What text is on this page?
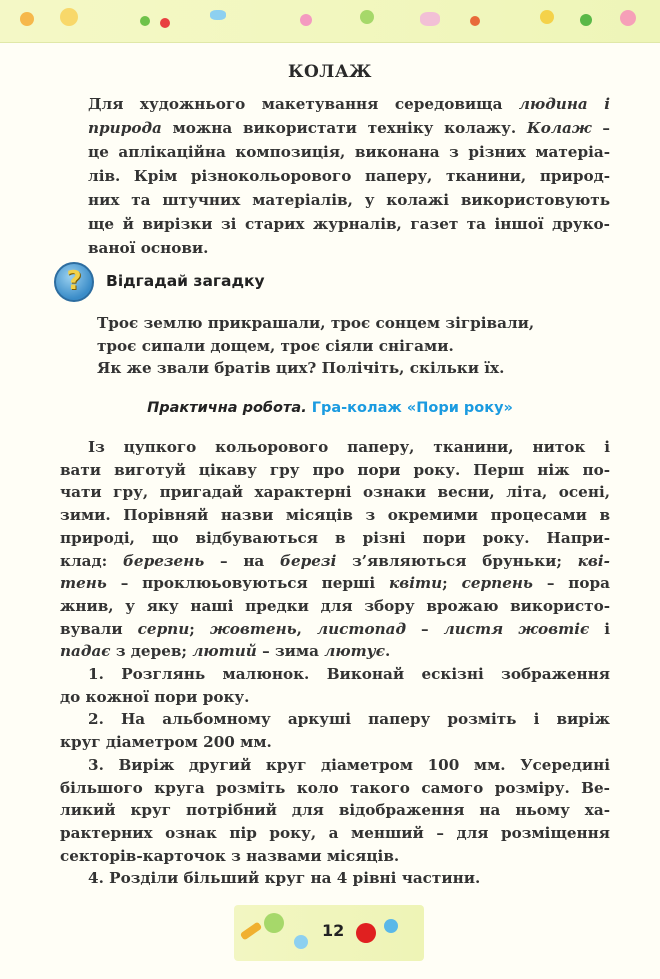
КОЛАЖ
Для художнього макетування середовища людина і
природа можна використати техніку колажу. Колаж –
це аплікаційна композиція, виконана з різних матеріа-
лів. Крім різнокольорового паперу, тканини, природ-
них та штучних матеріалів, у колажі використовують
ще й вирізки зі старих журналів, газет та іншої друко-
ваної основи.
?	Відгадай загадку
Троє землю прикрашали, троє сонцем зігрівали,
троє сипали дощем, троє сіяли снігами.
Як же звали братів цих? Полічіть, скільки їх.
Практична робота. Гра-колаж «Пори року»
Із цупкого кольорового паперу, тканини, ниток і
вати виготуй цікаву гру про пори року. Перш ніж по-
чати гру, пригадай характерні ознаки весни, літа, осені,
зими. Порівняй назви місяців з окремими процесами в
природі, що відбуваються в різні пори року. Напри-
клад: березень – на березі з’являються бруньки; кві-
тень – проклюьовуються перші квіти; серпень – пора
жнив, у яку наші предки для збору врожаю використо-
вували серпи; жовтень, листопад – листя жовтіє і
падає з дерев; лютий – зима лютує.
1. Розглянь малюнок. Виконай ескізні зображення
до кожної пори року.
2. На альбомному аркуші паперу розміть і виріж
круг діаметром 200 мм.
3. Виріж другий круг діаметром 100 мм. Усередині
більшого круга розміть коло такого самого розміру. Ве-
ликий круг потрібний для відображення на ньому ха-
рактерних ознак пір року, а менший – для розміщення
секторів-карточок з назвами місяців.
4. Розділи більший круг на 4 рівні частини.
12
